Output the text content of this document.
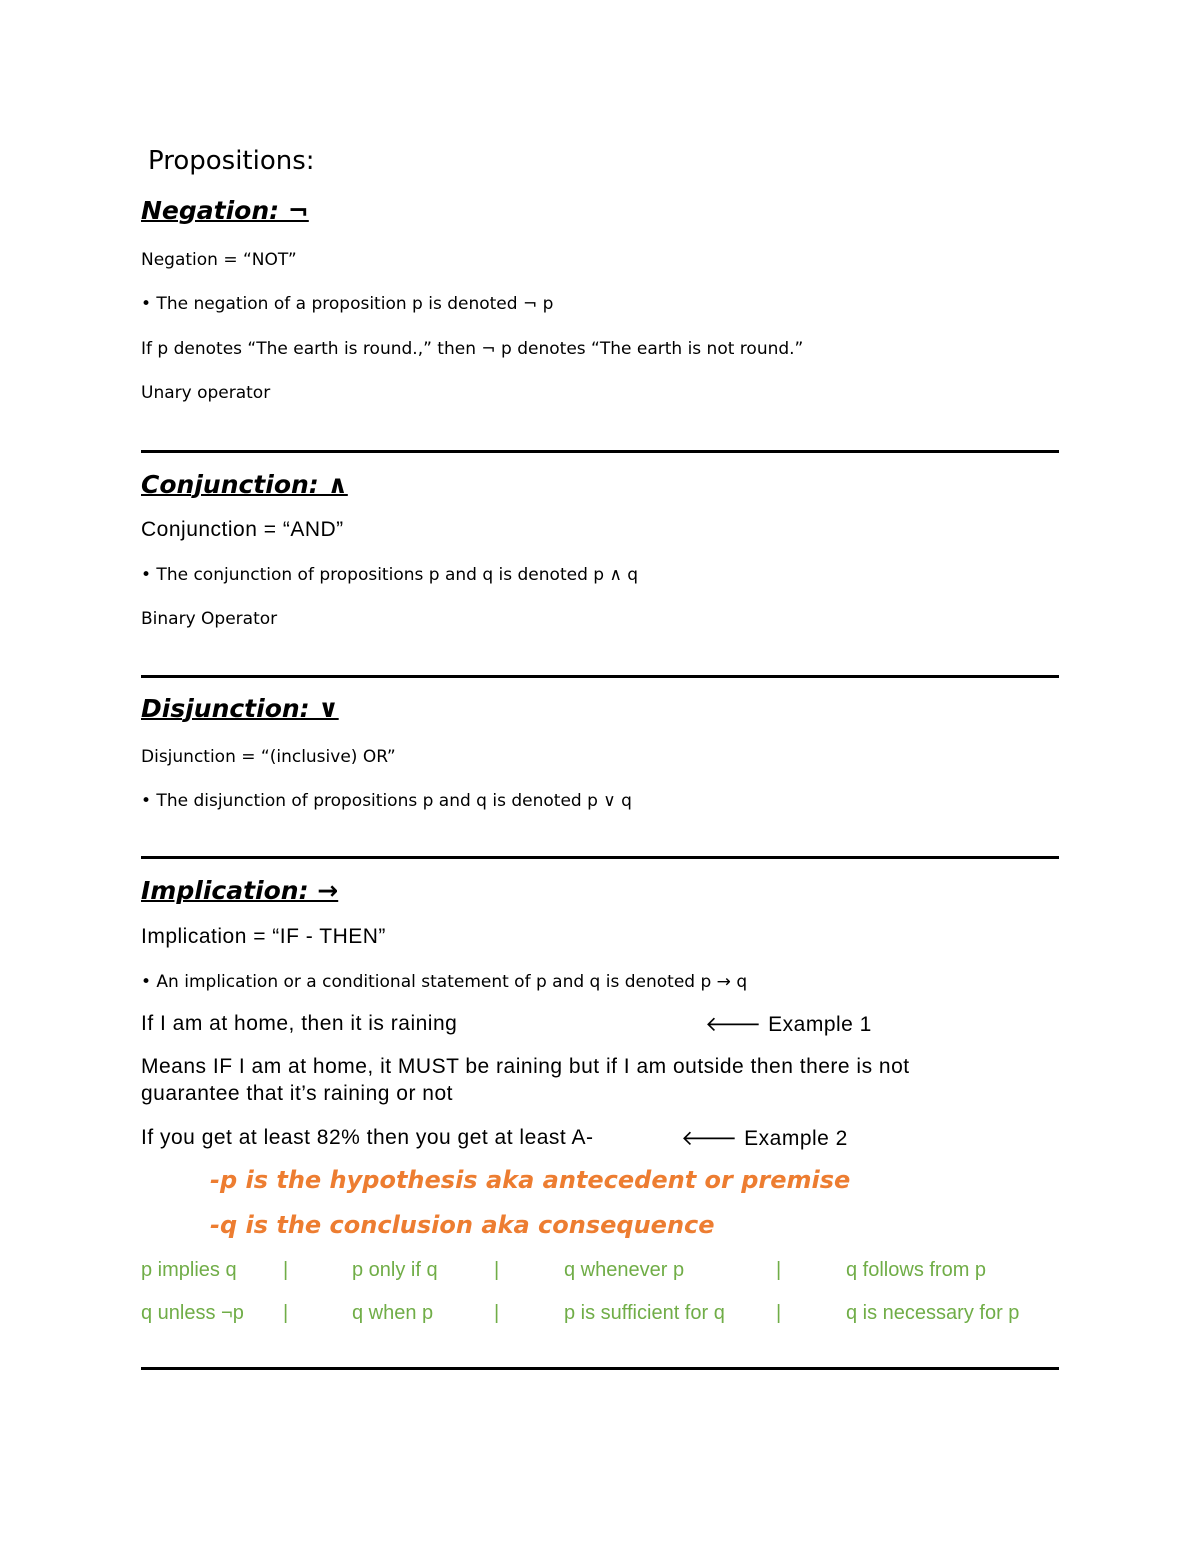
Propositions:
Negation: ¬
Negation = “NOT”
• The negation of a proposition p is denoted ¬ p
If p denotes “The earth is round.,” then ¬ p denotes “The earth is not round.”
Unary operator
Conjunction: ∧
Conjunction = “AND”
• The conjunction of propositions p and q is denoted p ∧ q
Binary Operator
Disjunction: ∨
Disjunction = “(inclusive) OR”
• The disjunction of propositions p and q is denoted p ∨ q
Implication: →
Implication = “IF - THEN”
• An implication or a conditional statement of p and q is denoted p → q
If I am at home, then it is raining	🡐 Example 1
Means IF I am at home, it MUST be raining but if I am outside then there is not
guarantee that it’s raining or not
If you get at least 82% then you get at least A-	🡐 Example 2
-p is the hypothesis aka antecedent or premise
-q is the conclusion aka consequence
p implies q |	p only if q	|	q whenever p	|	q follows from p
q unless ¬p |	q when p	|	p is sufficient for q	|	q is necessary for p
